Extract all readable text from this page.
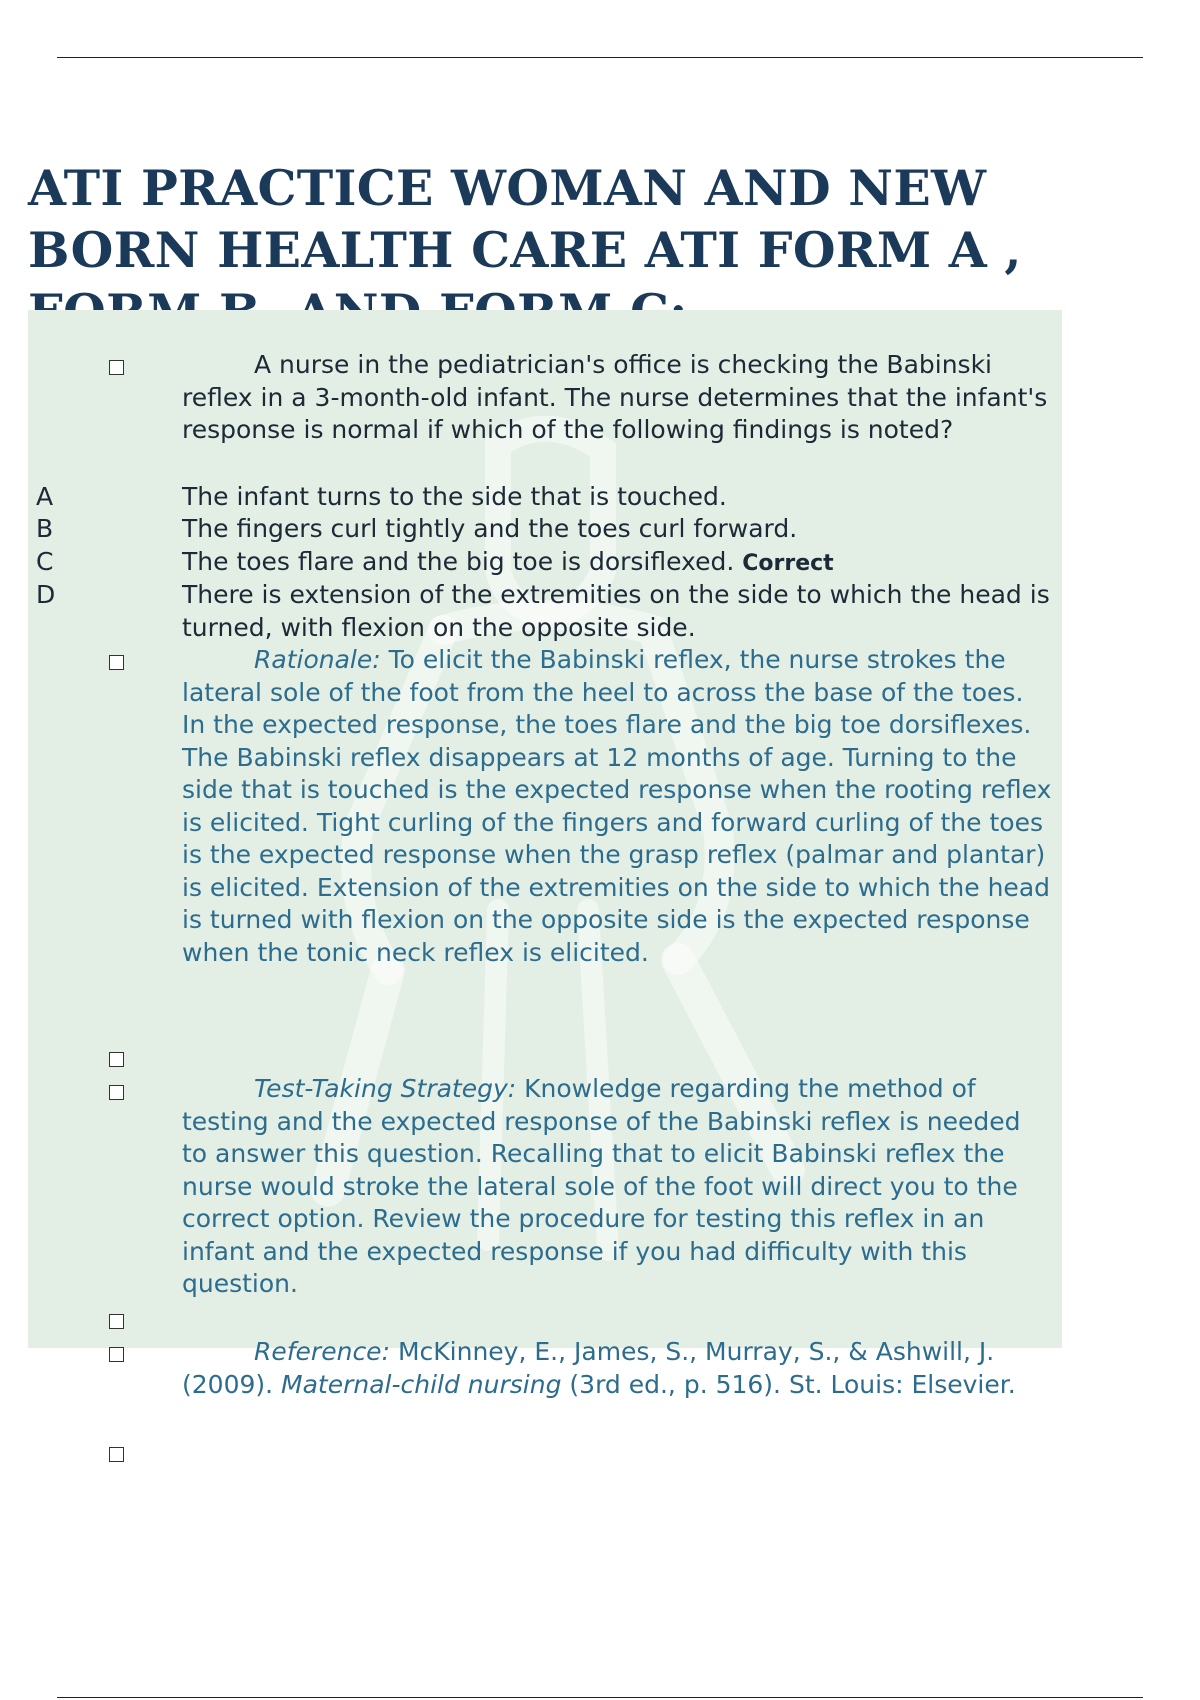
ATI PRACTICE WOMAN AND NEW BORN HEALTH CARE ATI FORM A ,
A nurse in the pediatrician's office is checking the Babinski reflex in a 3-month-old infant. The nurse determines that the infant's response is normal if which of the following findings is noted?
A	The infant turns to the side that is touched.
B	The fingers curl tightly and the toes curl forward.
C	The toes flare and the big toe is dorsiflexed. Correct
D	There is extension of the extremities on the side to which the head is turned, with flexion on the opposite side.
Rationale: To elicit the Babinski reflex, the nurse strokes the lateral sole of the foot from the heel to across the base of the toes. In the expected response, the toes flare and the big toe dorsiflexes. The Babinski reflex disappears at 12 months of age. Turning to the side that is touched is the expected response when the rooting reflex is elicited. Tight curling of the fingers and forward curling of the toes is the expected response when the grasp reflex (palmar and plantar) is elicited. Extension of the extremities on the side to which the head is turned with flexion on the opposite side is the expected response when the tonic neck reflex is elicited.
Test-Taking Strategy: Knowledge regarding the method of testing and the expected response of the Babinski reflex is needed to answer this question. Recalling that to elicit Babinski reflex the nurse would stroke the lateral sole of the foot will direct you to the correct option. Review the procedure for testing this reflex in an infant and the expected response if you had difficulty with this question.
Reference: McKinney, E., James, S., Murray, S., & Ashwill, J. (2009). Maternal-child nursing (3rd ed., p. 516). St. Louis: Elsevier.
